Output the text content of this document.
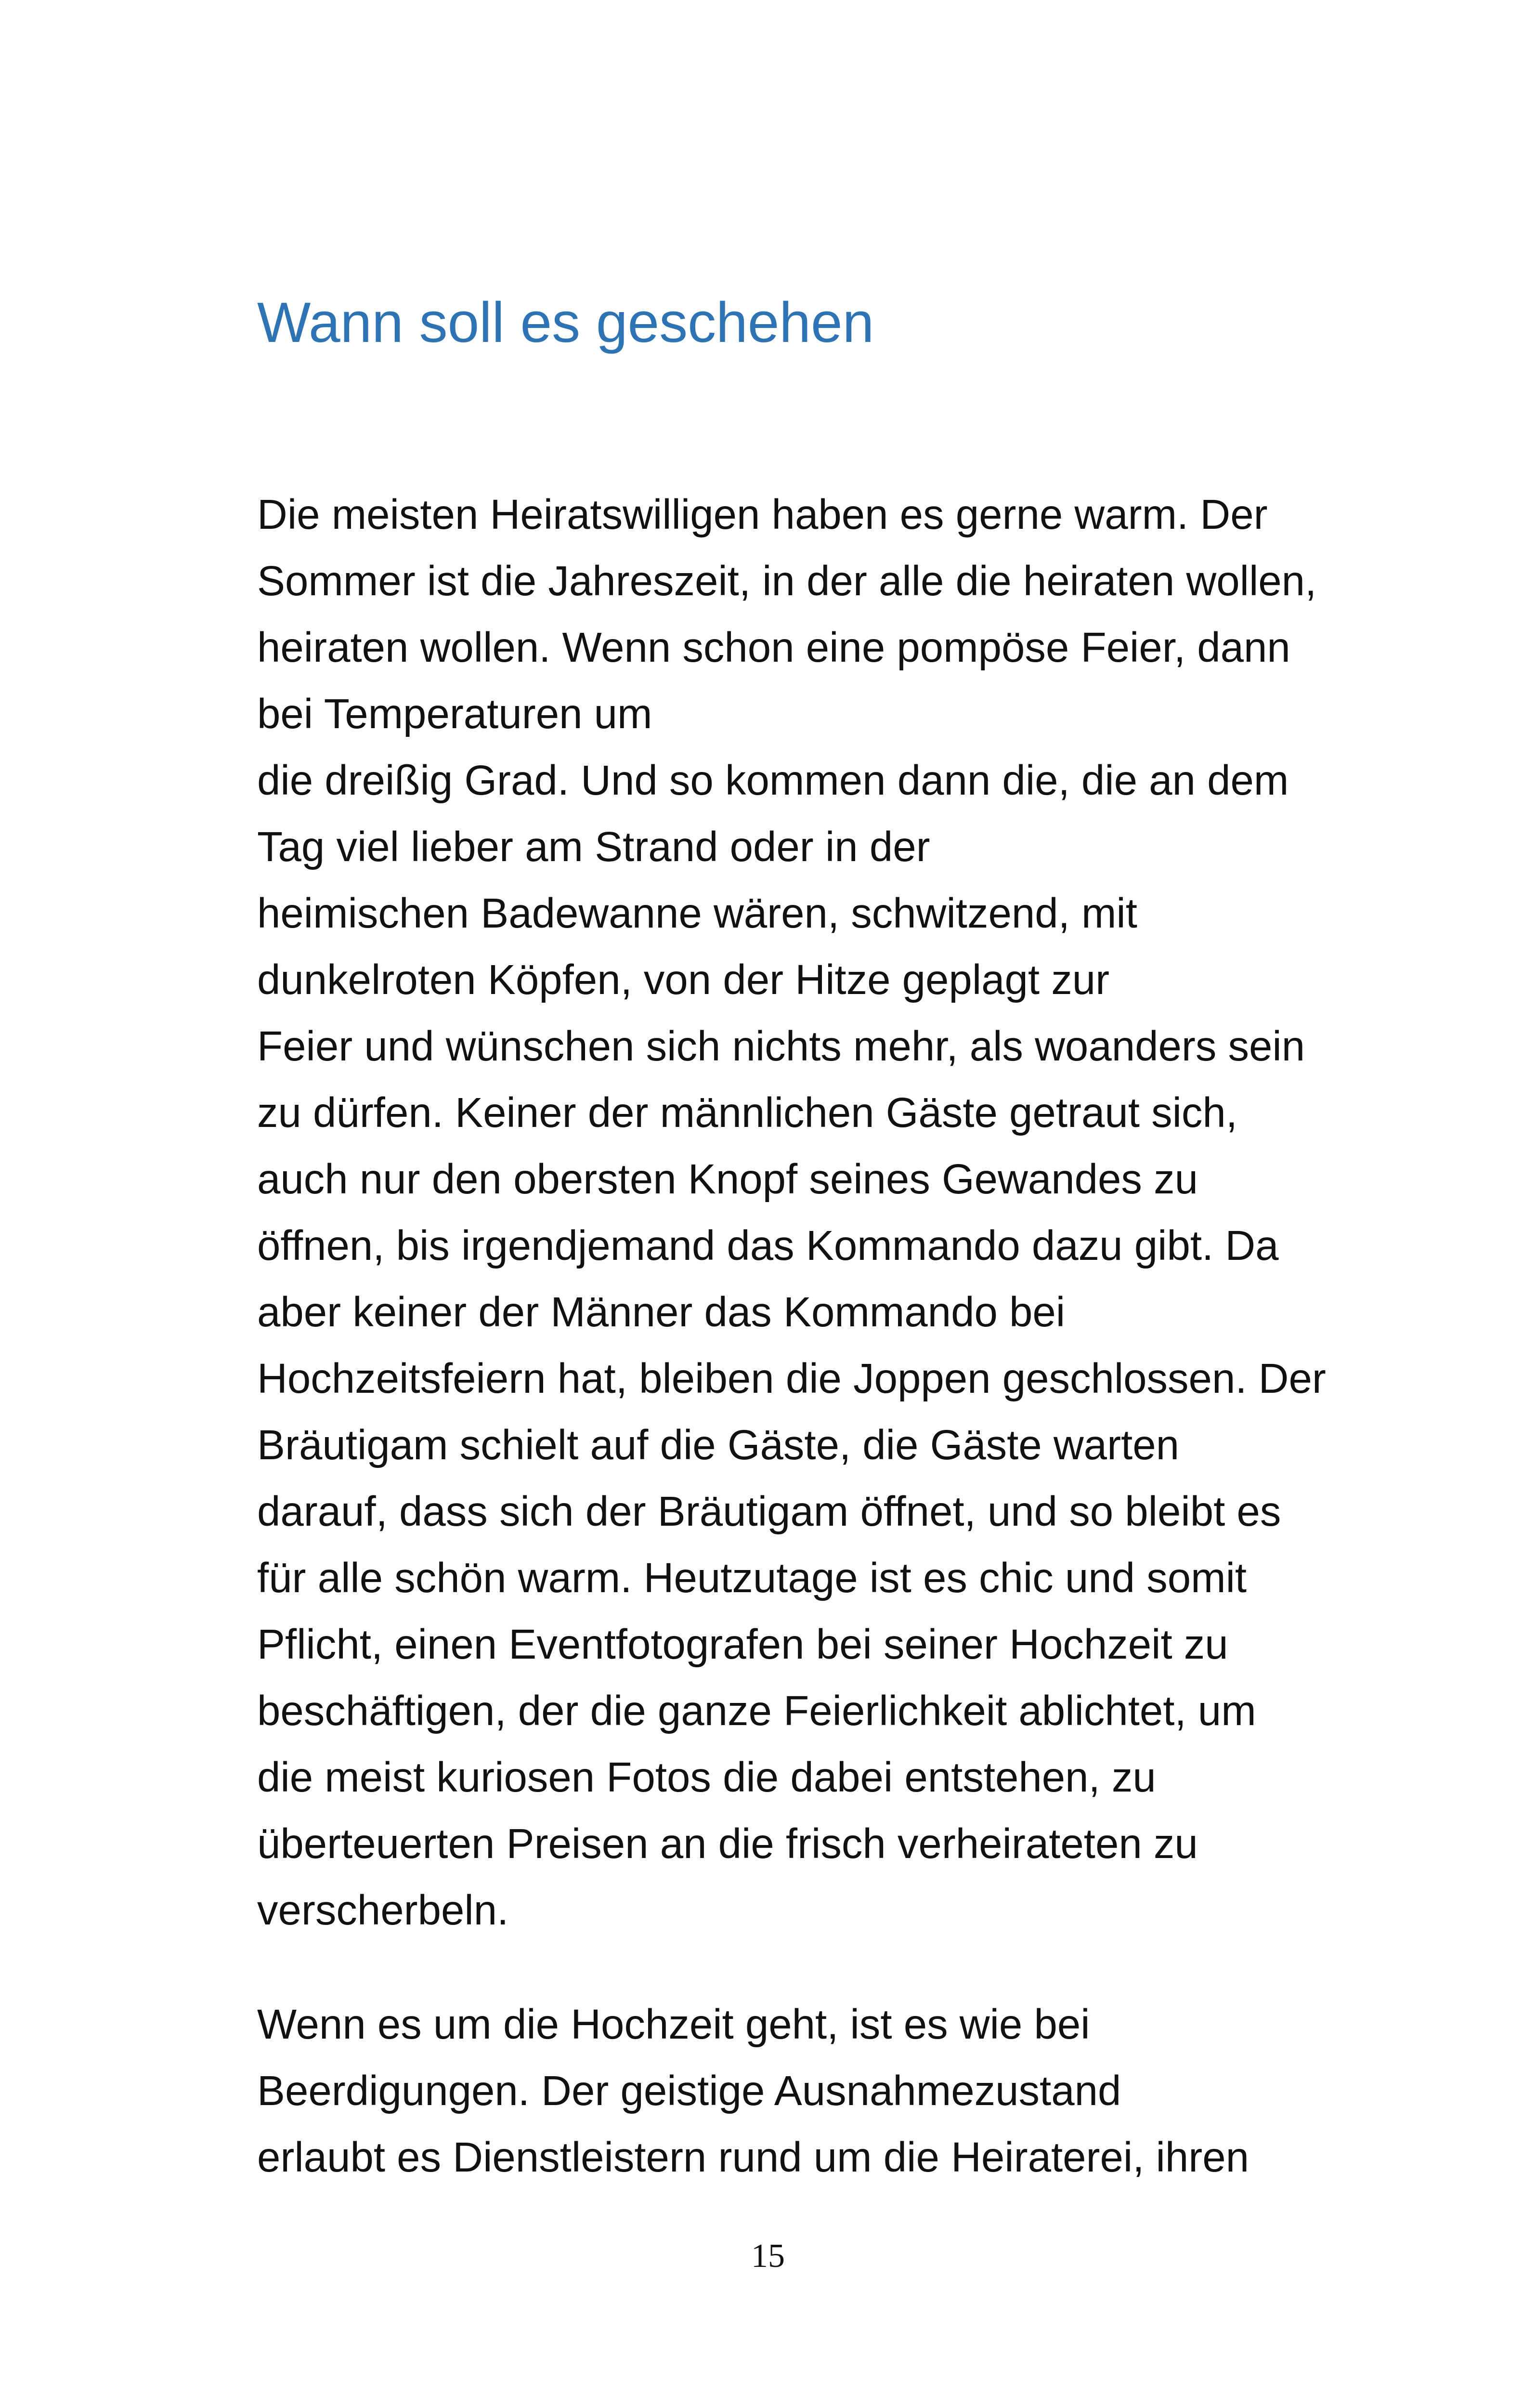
Wann soll es geschehen

Die meisten Heiratswilligen haben es gerne warm. Der
Sommer ist die Jahreszeit, in der alle die heiraten wollen,
heiraten wollen. Wenn schon eine pompöse Feier, dann
bei Temperaturen um
die dreißig Grad. Und so kommen dann die, die an dem
Tag viel lieber am Strand oder in der
heimischen Badewanne wären, schwitzend, mit
dunkelroten Köpfen, von der Hitze geplagt zur
Feier und wünschen sich nichts mehr, als woanders sein
zu dürfen. Keiner der männlichen Gäste getraut sich,
auch nur den obersten Knopf seines Gewandes zu
öffnen, bis irgendjemand das Kommando dazu gibt. Da
aber keiner der Männer das Kommando bei
Hochzeitsfeiern hat, bleiben die Joppen geschlossen. Der
Bräutigam schielt auf die Gäste, die Gäste warten
darauf, dass sich der Bräutigam öffnet, und so bleibt es
für alle schön warm. Heutzutage ist es chic und somit
Pflicht, einen Eventfotografen bei seiner Hochzeit zu
beschäftigen, der die ganze Feierlichkeit ablichtet, um
die meist kuriosen Fotos die dabei entstehen, zu
überteuerten Preisen an die frisch verheirateten zu
verscherbeln.

Wenn es um die Hochzeit geht, ist es wie bei
Beerdigungen. Der geistige Ausnahmezustand
erlaubt es Dienstleistern rund um die Heiraterei, ihren

15
